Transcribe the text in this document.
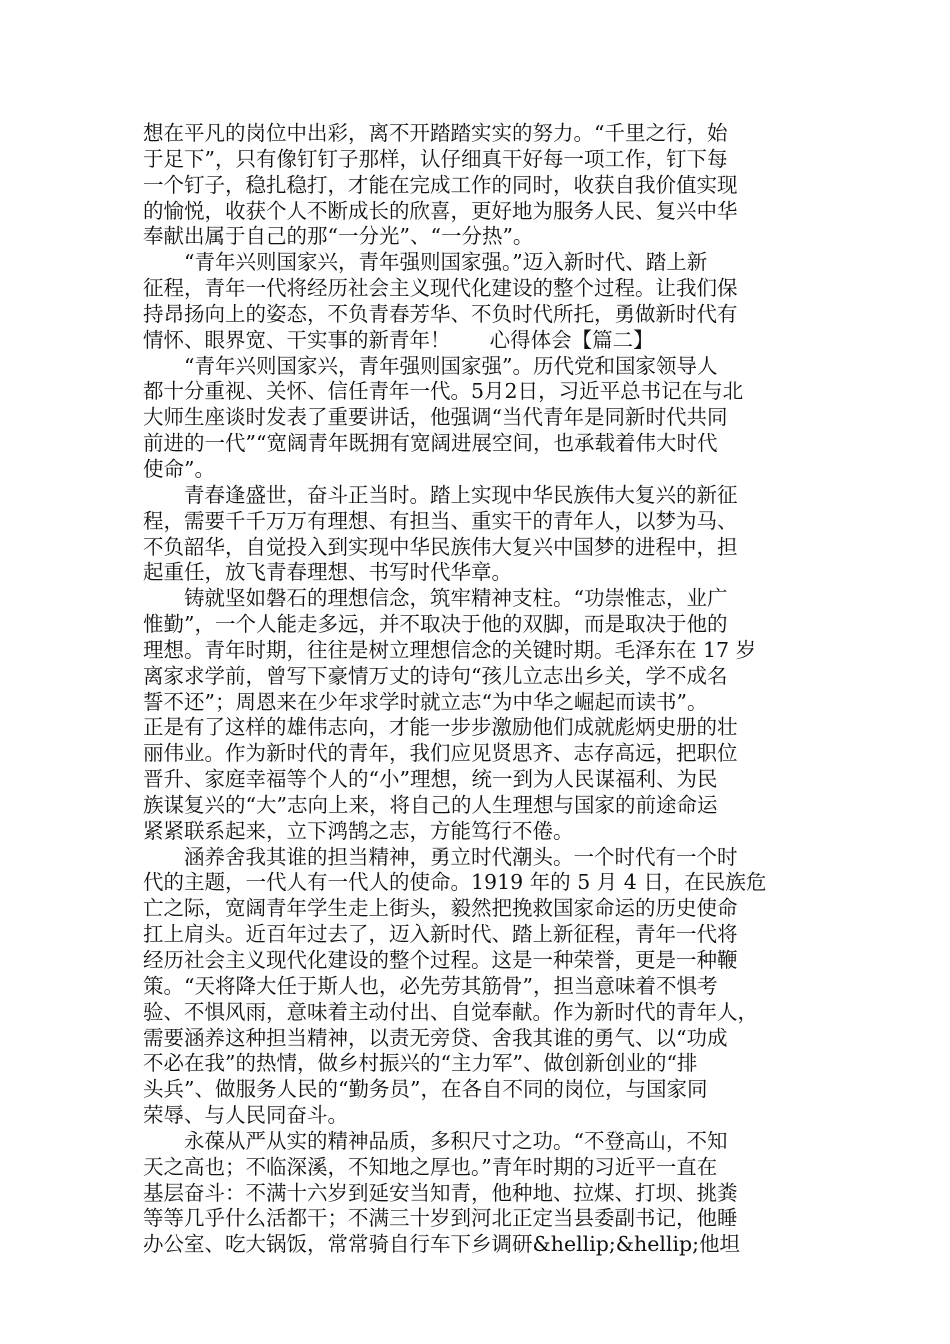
想在平凡的岗位中出彩，离不开踏踏实实的努力。“千里之行，始
于足下”，只有像钉钉子那样，认仔细真干好每一项工作，钉下每
一个钉子，稳扎稳打，才能在完成工作的同时，收获自我价值实现
的愉悦，收获个人不断成长的欣喜，更好地为服务人民、复兴中华
奉献出属于自己的那“一分光”、“一分热”。
“青年兴则国家兴，青年强则国家强。”迈入新时代、踏上新
征程，青年一代将经历社会主义现代化建设的整个过程。让我们保
持昂扬向上的姿态，不负青春芳华、不负时代所托，勇做新时代有
情怀、眼界宽、干实事的新青年！      心得体会【篇二】
“青年兴则国家兴，青年强则国家强”。历代党和国家领导人
都十分重视、关怀、信任青年一代。5月2日，习近平总书记在与北
大师生座谈时发表了重要讲话，他强调“当代青年是同新时代共同
前进的一代”“宽阔青年既拥有宽阔进展空间，也承载着伟大时代
使命”。
青春逢盛世，奋斗正当时。踏上实现中华民族伟大复兴的新征
程，需要千千万万有理想、有担当、重实干的青年人，以梦为马、
不负韶华，自觉投入到实现中华民族伟大复兴中国梦的进程中，担
起重任，放飞青春理想、书写时代华章。
铸就坚如磐石的理想信念，筑牢精神支柱。“功崇惟志，业广
惟勤”，一个人能走多远，并不取决于他的双脚，而是取决于他的
理想。青年时期，往往是树立理想信念的关键时期。毛泽东在 17 岁
离家求学前，曾写下豪情万丈的诗句“孩儿立志出乡关，学不成名
誓不还”；周恩来在少年求学时就立志“为中华之崛起而读书”。
正是有了这样的雄伟志向，才能一步步激励他们成就彪炳史册的壮
丽伟业。作为新时代的青年，我们应见贤思齐、志存高远，把职位
晋升、家庭幸福等个人的“小”理想，统一到为人民谋福利、为民
族谋复兴的“大”志向上来，将自己的人生理想与国家的前途命运
紧紧联系起来，立下鸿鹄之志，方能笃行不倦。
涵养舍我其谁的担当精神，勇立时代潮头。一个时代有一个时
代的主题，一代人有一代人的使命。1919 年的 5 月 4 日，在民族危
亡之际，宽阔青年学生走上街头，毅然把挽救国家命运的历史使命
扛上肩头。近百年过去了，迈入新时代、踏上新征程，青年一代将
经历社会主义现代化建设的整个过程。这是一种荣誉，更是一种鞭
策。“天将降大任于斯人也，必先劳其筋骨”，担当意味着不惧考
验、不惧风雨，意味着主动付出、自觉奉献。作为新时代的青年人，
需要涵养这种担当精神，以责无旁贷、舍我其谁的勇气、以“功成
不必在我”的热情，做乡村振兴的“主力军”、做创新创业的“排
头兵”、做服务人民的“勤务员”，在各自不同的岗位，与国家同
荣辱、与人民同奋斗。
永葆从严从实的精神品质，多积尺寸之功。“不登高山，不知
天之高也；不临深溪，不知地之厚也。”青年时期的习近平一直在
基层奋斗：不满十六岁到延安当知青，他种地、拉煤、打坝、挑粪
等等几乎什么活都干；不满三十岁到河北正定当县委副书记，他睡
办公室、吃大锅饭，常常骑自行车下乡调研&hellip;&hellip;他坦
